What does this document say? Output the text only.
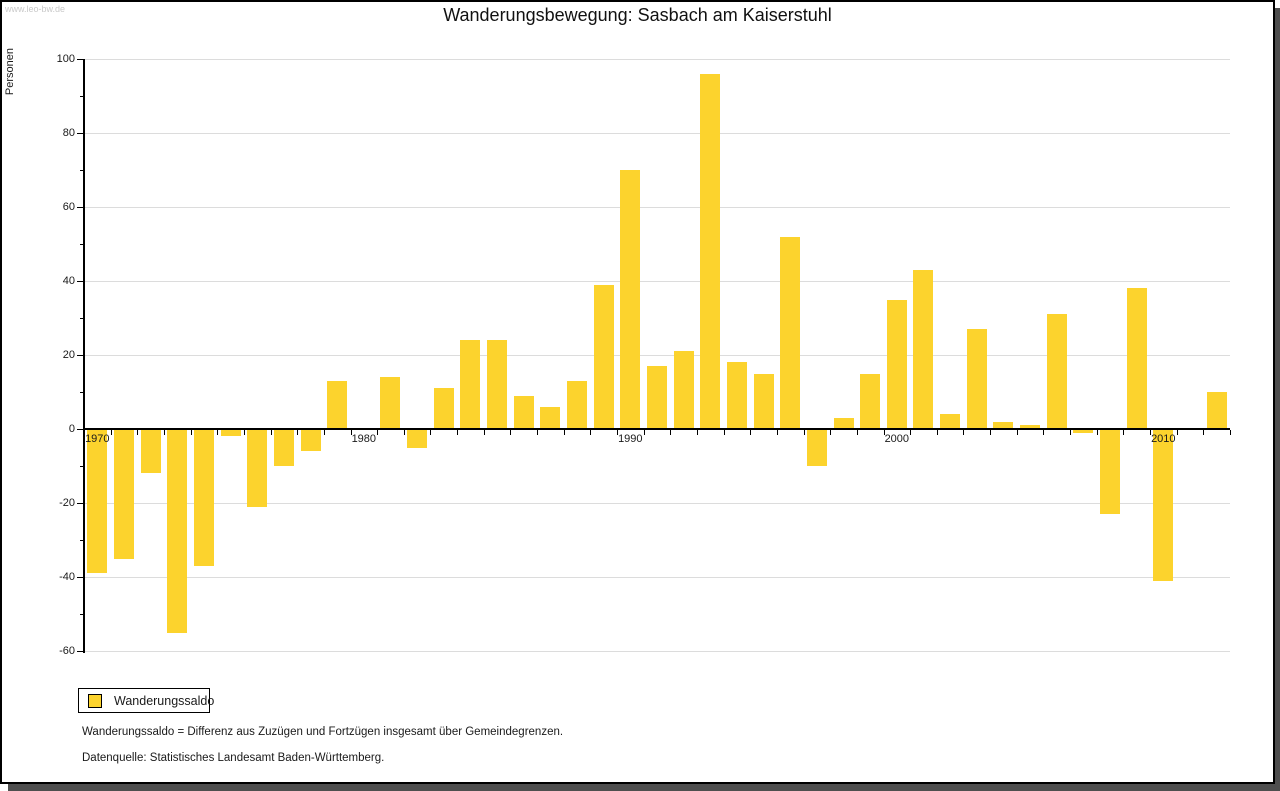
www.leo-bw.de	Wanderungsbewegung: Sasbach am Kaiserstuhl
Personen	100
80
60
40
20
0
-20
-40
-60
1970	1980	1990	2000	2010
Wanderungssaldo
Wanderungssaldo = Differenz aus Zuzügen und Fortzügen insgesamt über Gemeindegrenzen.
Datenquelle: Statistisches Landesamt Baden-Württemberg.
